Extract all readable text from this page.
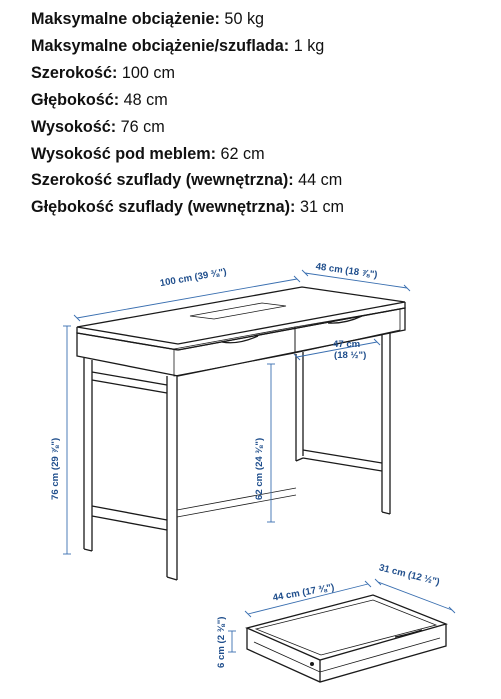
Maksymalne obciążenie: 50 kg
Maksymalne obciążenie/szuflada: 1 kg
Szerokość: 100 cm
Głębokość: 48 cm
Wysokość: 76 cm
Wysokość pod meblem: 62 cm
Szerokość szuflady (wewnętrzna): 44 cm
Głębokość szuflady (wewnętrzna): 31 cm
100 cm (39 ⅜")	48 cm (18 ⅞")
47 cm
(18 ½")
76 cm (29 ⅞")	62 cm (24 ⅜")
44 cm (17 ⅜")
31 cm (12 ½")
6 cm (2 ⅜")
